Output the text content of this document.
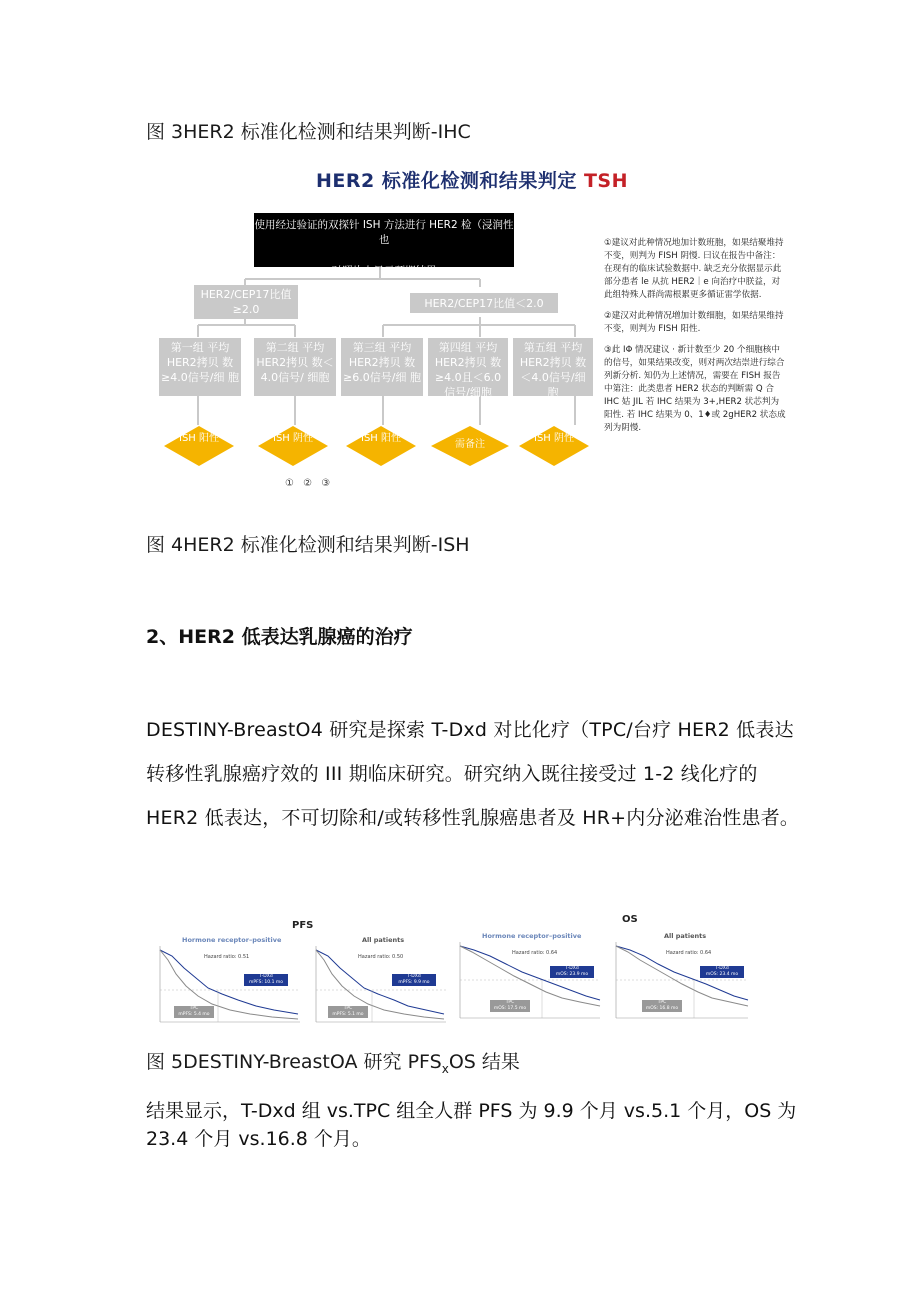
图 3HER2 标准化检测和结果判断-IHC
HER2 标准化检测和结果判定 TSH
使用经过验证的双探针 ISH 方法进行 HER2 检（浸润性也
对照片上显示预期结果
HER2/CEP17比值 ≥2.0	HER2/CEP17比值＜2.0
第一组 平均HER2拷贝 数≥4.0信号/细 胞
第二组 平均HER2拷贝 数＜4.0信号/ 细胞
第三组 平均HER2拷贝 数≥6.0信号/细 胞
第四组 平均HER2拷贝 数≥4.0且＜6.0 信号/细胞
第五组 平均HER2拷贝 数＜4.0信号/细 胞
ISH 阳性	ISH 阴性	ISH 阳性
需备注
ISH 阴性
① ② ③

①建议对此种情况地加计数班胞，如果结聚堆持不变，则判为 FISH 阴慢. 曰议在报告中备注：在现有的临床试验数据中. 缺乏充分依据显示此部分患者 le 从抗 HER2｜e 向治疗中朕益，对此组特殊人群尚需根累更多循证雷学依据.

②建汉对此种情况増加计数细胞，如果结果维持不变，则判为 FISH 阳性.

③此 IΦ 情况建议 · 新计数至少 20 个细胞核中的信号，如果结果改变，则对两次结崇进行综合列新分析. 知仍为上述情况，需要在 FISH 报告中第注：此类患者 HER2 状态的判断需 Q 合 IHC 姑 JIL 若 IHC 结果为 3+,HER2 状芯判为阳性. 若 IHC 结果为 0、1♦或 2gHER2 状态成列为阴慢.

图 4HER2 标准化检测和结果判断-ISH
2、HER2 低表达乳腺癌的治疗
DESTINY-BreastO4 研究是探索 T-Dxd 对比化疗（TPC/台疗 HER2 低表达转移性乳腺癌疗效的 III 期临床研究。研究纳入既往接受过 1-2 线化疗的 HER2 低表达，不可切除和/或转移性乳腺癌患者及 HR+内分泌难治性患者。
PFS
OS
Hormone receptor–positive
Hazard ratio: 0.51
T-DXd
mPFS: 10.1 mo
TPC
mPFS: 5.4 mo
All patients
Hazard ratio: 0.50
T-DXd
mPFS: 9.9 mo
TPC
mPFS: 5.1 mo
Hormone receptor–positive
Hazard ratio: 0.64
T-DXd
mOS: 23.9 mo
TPC
mOS: 17.5 mo
All patients
Hazard ratio: 0.64
T-DXd
mOS: 23.4 mo
TPC
mOS: 16.8 mo
图 5DESTINY-BreastOA 研究 $PFS_xOS$ 结果
结果显示，T-Dxd 组 vs.TPC 组全人群 PFS 为 9.9 个月 vs.5.1 个月，OS 为 23.4 个月 vs.16.8 个月。
